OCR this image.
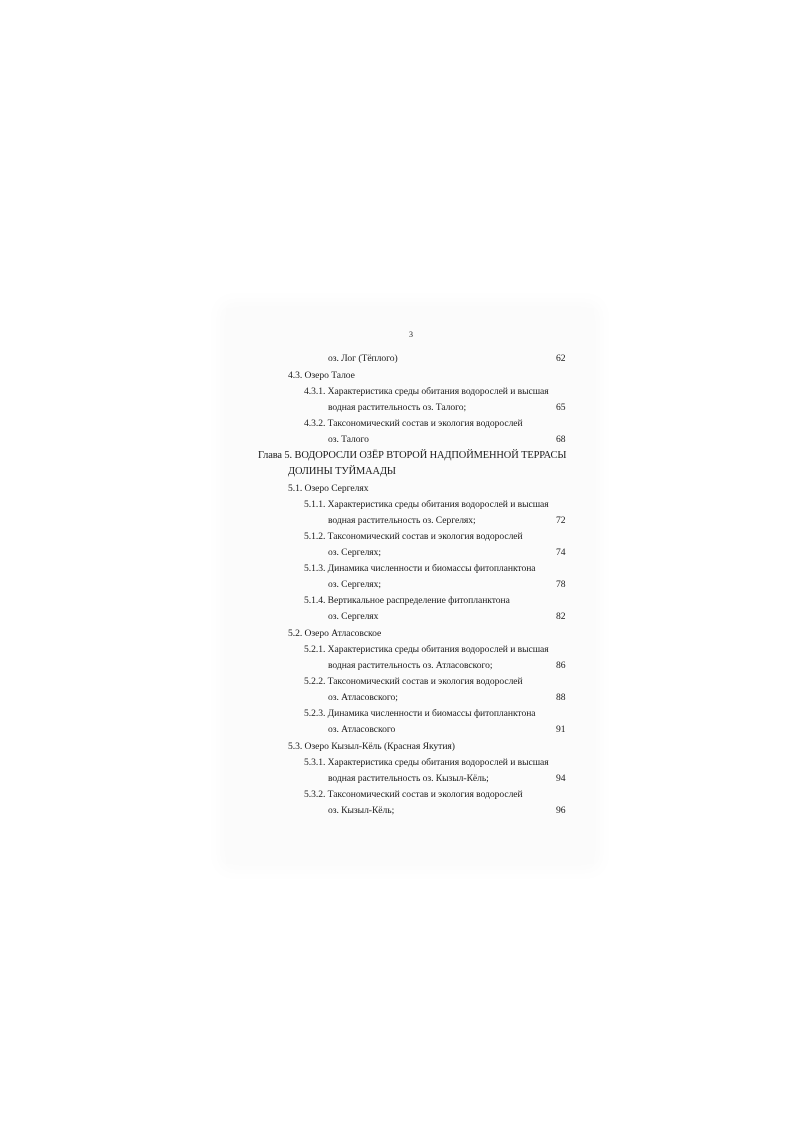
3
оз. Лог (Тёплого)	62
4.3. Озеро Талое
4.3.1. Характеристика среды обитания водорослей и высшая
водная растительность оз. Талого;	65
4.3.2. Таксономический состав и экология водорослей
оз. Талого	68
Глава 5. ВОДОРОСЛИ ОЗЁР ВТОРОЙ НАДПОЙМЕННОЙ ТЕРРАСЫ
ДОЛИНЫ ТУЙМААДЫ
5.1. Озеро Сергелях
5.1.1. Характеристика среды обитания водорослей и высшая
водная растительность оз. Сергелях;	72
5.1.2. Таксономический состав и экология водорослей
оз. Сергелях;	74
5.1.3. Динамика численности и биомассы фитопланктона
оз. Сергелях;	78
5.1.4. Вертикальное распределение фитопланктона
оз. Сергелях	82
5.2. Озеро Атласовское
5.2.1. Характеристика среды обитания водорослей и высшая
водная растительность оз. Атласовского;	86
5.2.2. Таксономический состав и экология водорослей
оз. Атласовского;	88
5.2.3. Динамика численности и биомассы фитопланктона
оз. Атласовского	91
5.3. Озеро Кызыл-Кёль (Красная Якутия)
5.3.1. Характеристика среды обитания водорослей и высшая
водная растительность оз. Кызыл-Кёль;	94
5.3.2. Таксономический состав и экология водорослей
оз. Кызыл-Кёль;	96
